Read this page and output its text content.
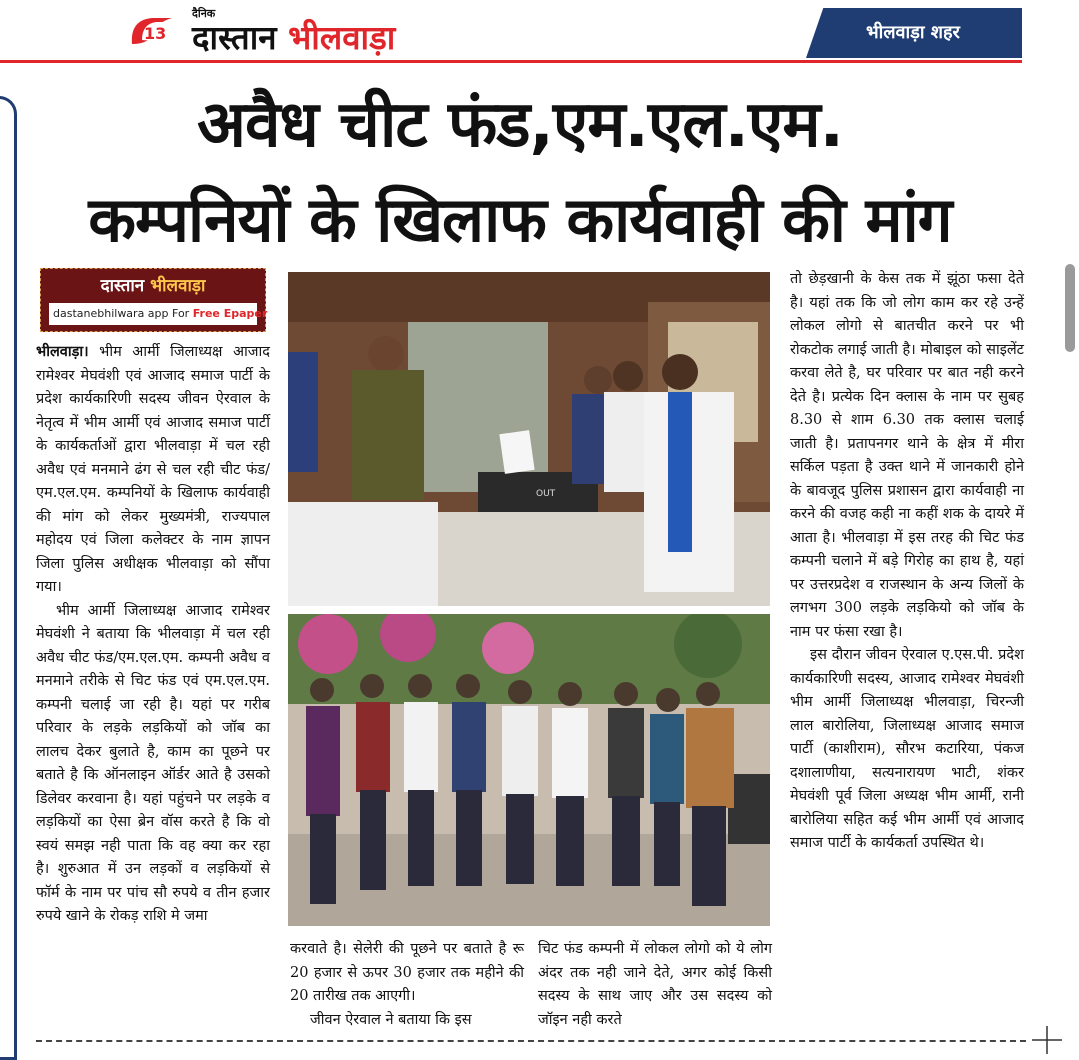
13
दैनिक
दास्तान भीलवाड़ा	भीलवाड़ा शहर
अवैध चीट फंड,एम.एल.एम.
कम्पनियों के खिलाफ कार्यवाही की मांग
दास्तान भीलवाड़ा
dastanebhilwara app For Free Epaper

भीलवाड़ा। भीम आर्मी जिलाध्यक्ष आजाद रामेश्वर मेघवंशी एवं आजाद समाज पार्टी के प्रदेश कार्यकारिणी सदस्य जीवन ऐरवाल के नेतृत्व में भीम आर्मी एवं आजाद समाज पार्टी के कार्यकर्ताओं द्वारा भीलवाड़ा में चल रही अवैध एवं मनमाने ढंग से चल रही चीट फंड/ एम.एल.एम. कम्पनियों के खिलाफ कार्यवाही की मांग को लेकर मुख्यमंत्री, राज्यपाल महोदय एवं जिला कलेक्टर के नाम ज्ञापन जिला पुलिस अधीक्षक भीलवाड़ा को सौंपा गया।

भीम आर्मी जिलाध्यक्ष आजाद रामेश्वर मेघवंशी ने बताया कि भीलवाड़ा में चल रही अवैध चीट फंड/एम.एल.एम. कम्पनी अवैध व मनमाने तरीके से चिट फंड एवं एम.एल.एम. कम्पनी चलाई जा रही है। यहां पर गरीब परिवार के लड़के लड़कियों को जॉब का लालच देकर बुलाते है, काम का पूछने पर बताते है कि ऑनलाइन ऑर्डर आते है उसको डिलेवर करवाना है। यहां पहुंचने पर लड़के व लड़कियों का ऐसा ब्रेन वॉस करते है कि वो स्वयं समझ नही पाता कि वह क्या कर रहा है। शुरुआत में उन लड़कों व लड़कियों से फॉर्म के नाम पर पांच सौ रुपये व तीन हजार रुपये खाने के रोकड़ राशि मे जमा

OUT

करवाते है। सेलेरी की पूछने पर बताते है रू 20 हजार से ऊपर 30 हजार तक महीने की 20 तारीख तक आएगी।

जीवन ऐरवाल ने बताया कि इस

चिट फंड कम्पनी में लोकल लोगो को ये लोग अंदर तक नही जाने देते, अगर कोई किसी सदस्य के साथ जाए और उस सदस्य को जॉइन नही करते

तो छेड़खानी के केस तक में झूंठा फसा देते है। यहां तक कि जो लोग काम कर रहे उन्हें लोकल लोगो से बातचीत करने पर भी रोकटोक लगाई जाती है। मोबाइल को साइलेंट करवा लेते है, घर परिवार पर बात नही करने देते है। प्रत्येक दिन क्लास के नाम पर सुबह 8.30 से शाम 6.30 तक क्लास चलाई जाती है। प्रतापनगर थाने के क्षेत्र में मीरा सर्किल पड़ता है उक्त थाने में जानकारी होने के बावजूद पुलिस प्रशासन द्वारा कार्यवाही ना करने की वजह कही ना कहीं शक के दायरे में आता है। भीलवाड़ा में इस तरह की चिट फंड कम्पनी चलाने में बड़े गिरोह का हाथ है, यहां पर उत्तरप्रदेश व राजस्थान के अन्य जिलों के लगभग 300 लड़के लड़कियो को जॉब के नाम पर फंसा रखा है।

इस दौरान जीवन ऐरवाल ए.एस.पी. प्रदेश कार्यकारिणी सदस्य, आजाद रामेश्वर मेघवंशी भीम आर्मी जिलाध्यक्ष भीलवाड़ा, चिरन्जी लाल बारोलिया, जिलाध्यक्ष आजाद समाज पार्टी (काशीराम), सौरभ कटारिया, पंकज दशालाणीया, सत्यनारायण भाटी, शंकर मेघवंशी पूर्व जिला अध्यक्ष भीम आर्मी, रानी बारोलिया सहित कई भीम आर्मी एवं आजाद समाज पार्टी के कार्यकर्ता उपस्थित थे।
